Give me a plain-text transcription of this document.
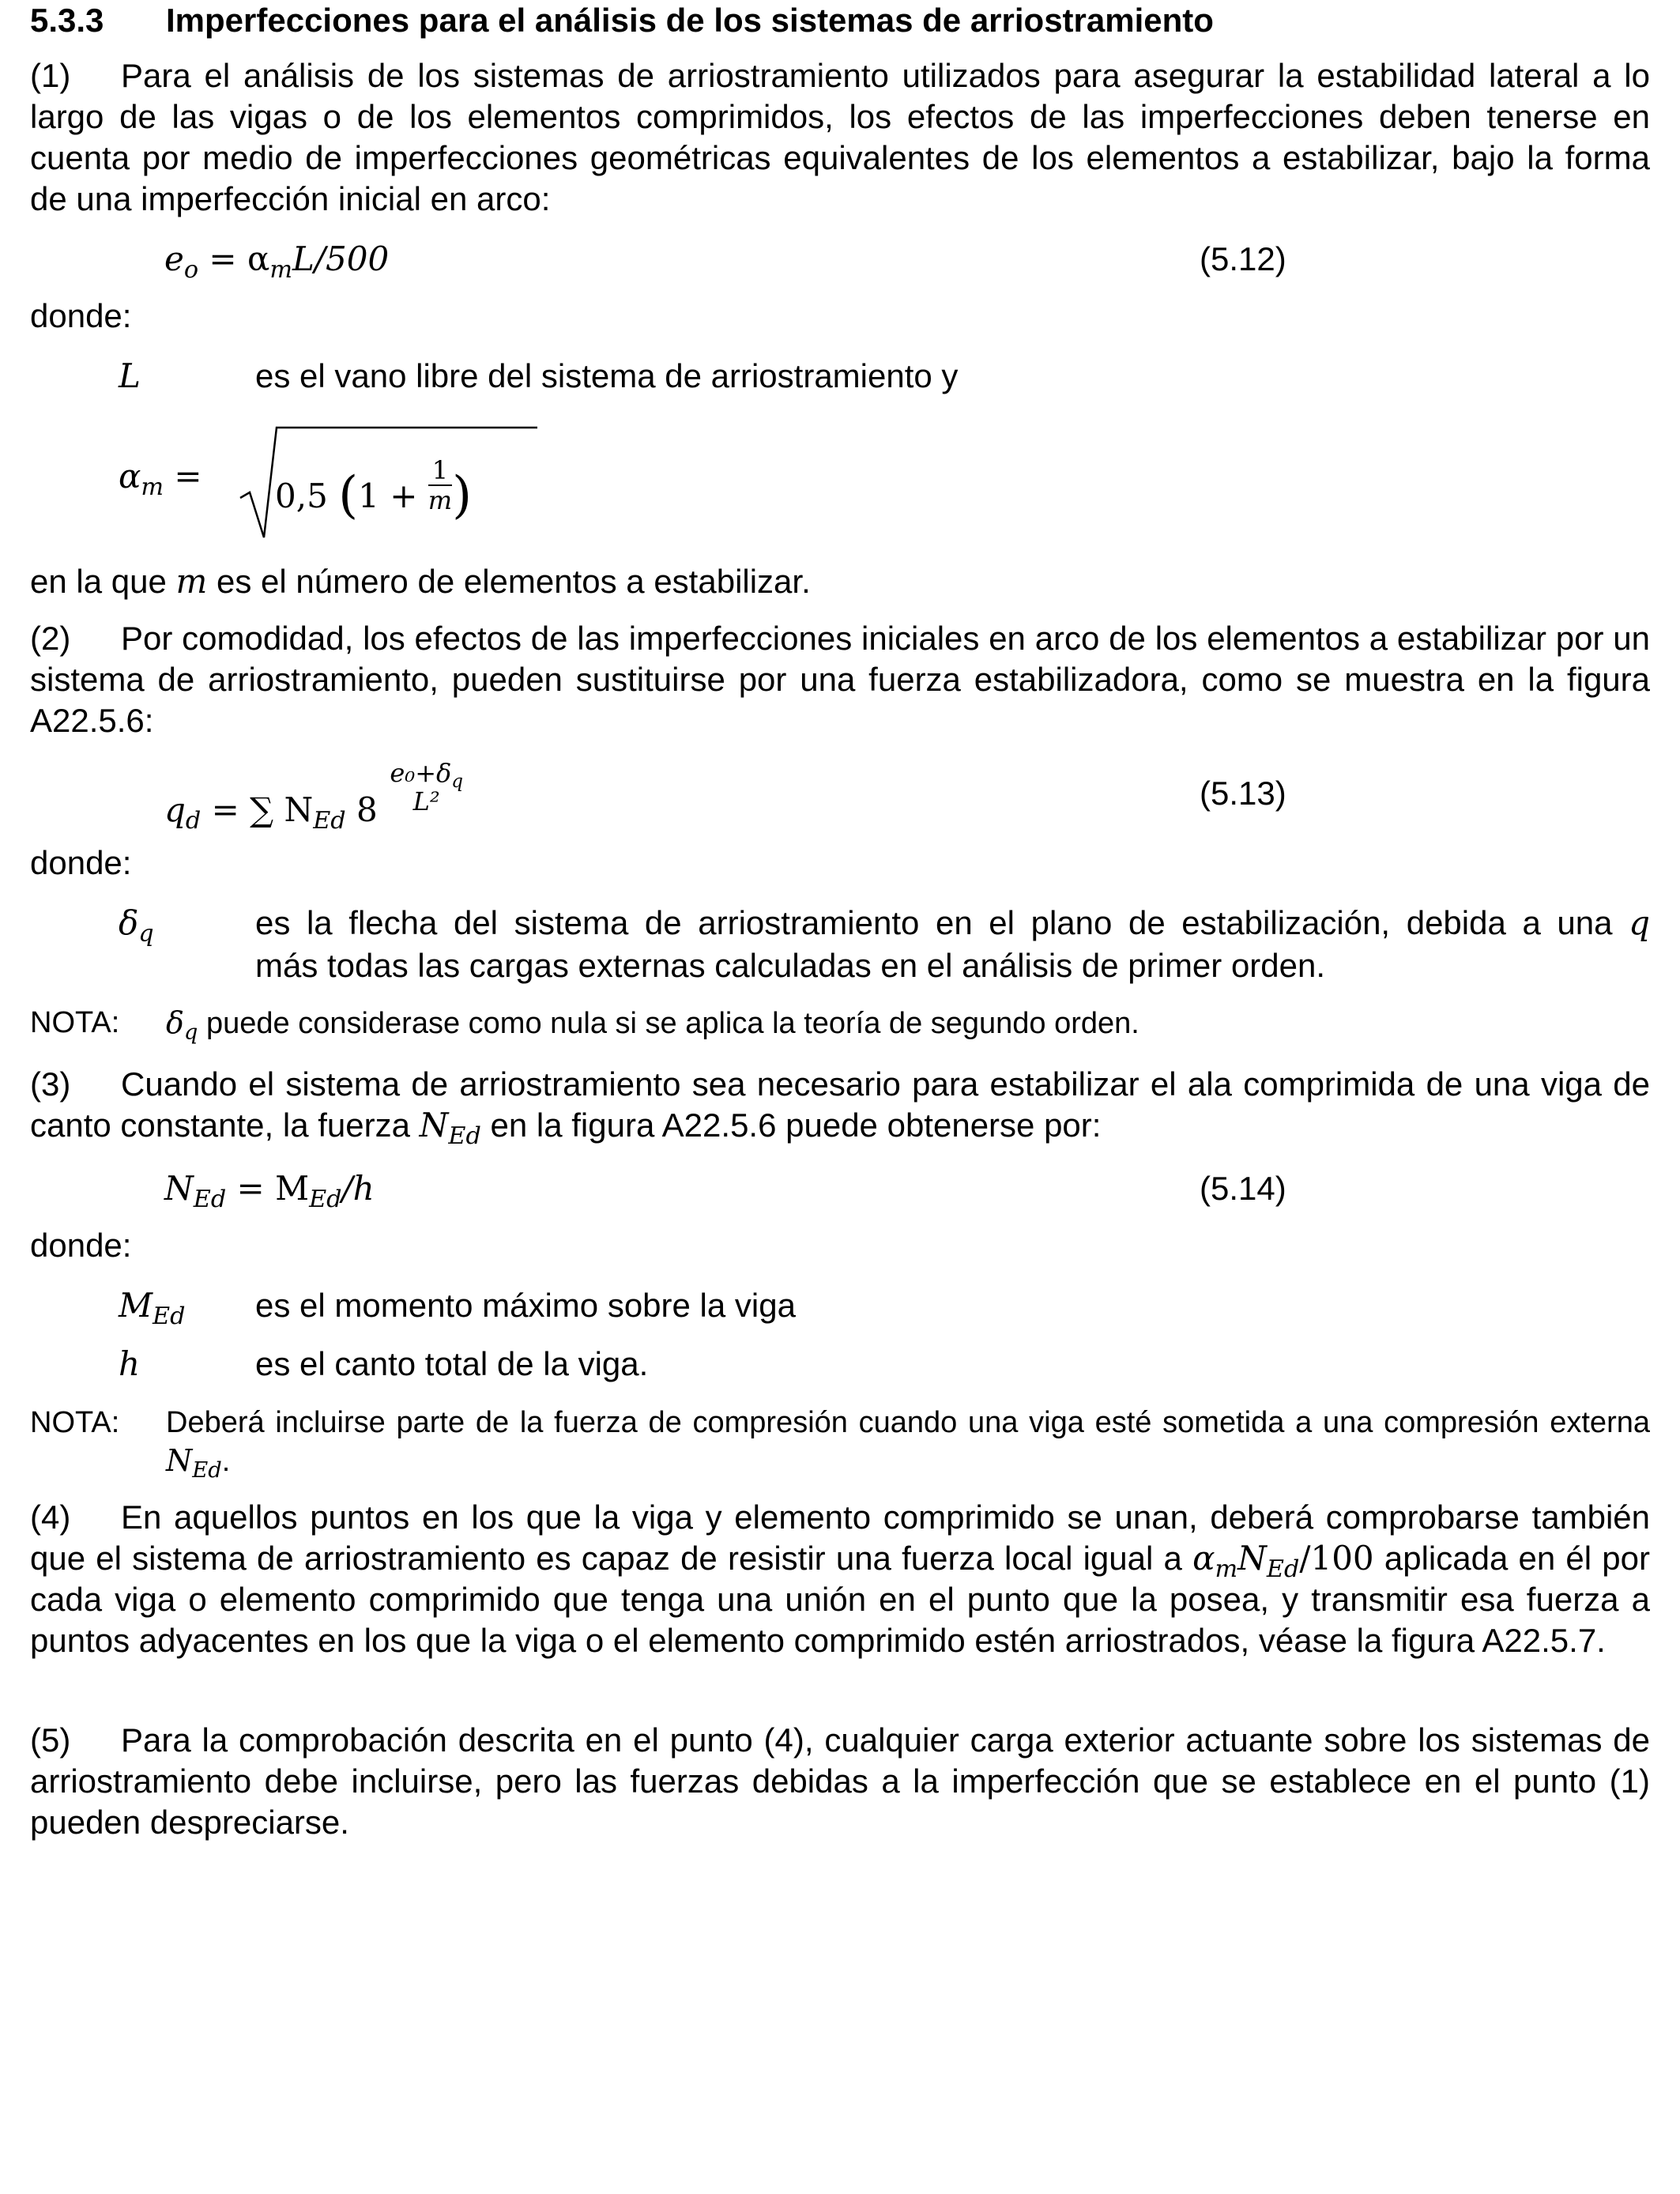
5.3.3 Imperfecciones para el análisis de los sistemas de arriostramiento
(1) Para el análisis de los sistemas de arriostramiento utilizados para asegurar la estabilidad lateral a lo largo de las vigas o de los elementos comprimidos, los efectos de las imperfecciones deben tenerse en cuenta por medio de imperfecciones geométricas equivalentes de los elementos a estabilizar, bajo la forma de una imperfección inicial en arco:
$e_o = \alpha_mL/500$	(5.12)
donde:
L	es el vano libre del sistema de arriostramiento y
$\alpha_m$ =
0,5 ($1 + \frac{1}{m}$ )
en la que m es el número de elementos a estabilizar.
(2) Por comodidad, los efectos de las imperfecciones iniciales en arco de los elementos a estabilizar por un sistema de arriostramiento, pueden sustituirse por una fuerza estabilizadora, como se muestra en la figura A22.5.6:
$q_d$ = ∑ $N_{Ed}$ 8
$e_0+\delta_q$
L²	(5.13)
donde:
$\delta_q$	es la flecha del sistema de arriostramiento en el plano de estabilización, debida a una q
más todas las cargas externas calculadas en el análisis de primer orden.
NOTA: $\delta_q$ puede considerase como nula si se aplica la teoría de segundo orden.
(3) Cuando el sistema de arriostramiento sea necesario para estabilizar el ala comprimida de una viga de canto constante, la fuerza $N_{Ed}$ en la figura A22.5.6 puede obtenerse por:
$N_{Ed} = M_{Ed}/h$	(5.14)
donde:
$M_{Ed}$ es el momento máximo sobre la viga
h	es el canto total de la viga.
NOTA: Deberá incluirse parte de la fuerza de compresión cuando una viga esté sometida a una compresión externa $N_{Ed}$.
(4) En aquellos puntos en los que la viga y elemento comprimido se unan, deberá comprobarse también que el sistema de arriostramiento es capaz de resistir una fuerza local igual a $\alpha_mN_{Ed}/100$ aplicada en él por cada viga o elemento comprimido que tenga una unión en el punto que la posea, y transmitir esa fuerza a puntos adyacentes en los que la viga o el elemento comprimido estén arriostrados, véase la figura A22.5.7.
(5) Para la comprobación descrita en el punto (4), cualquier carga exterior actuante sobre los sistemas de arriostramiento debe incluirse, pero las fuerzas debidas a la imperfección que se establece en el punto (1) pueden despreciarse.
